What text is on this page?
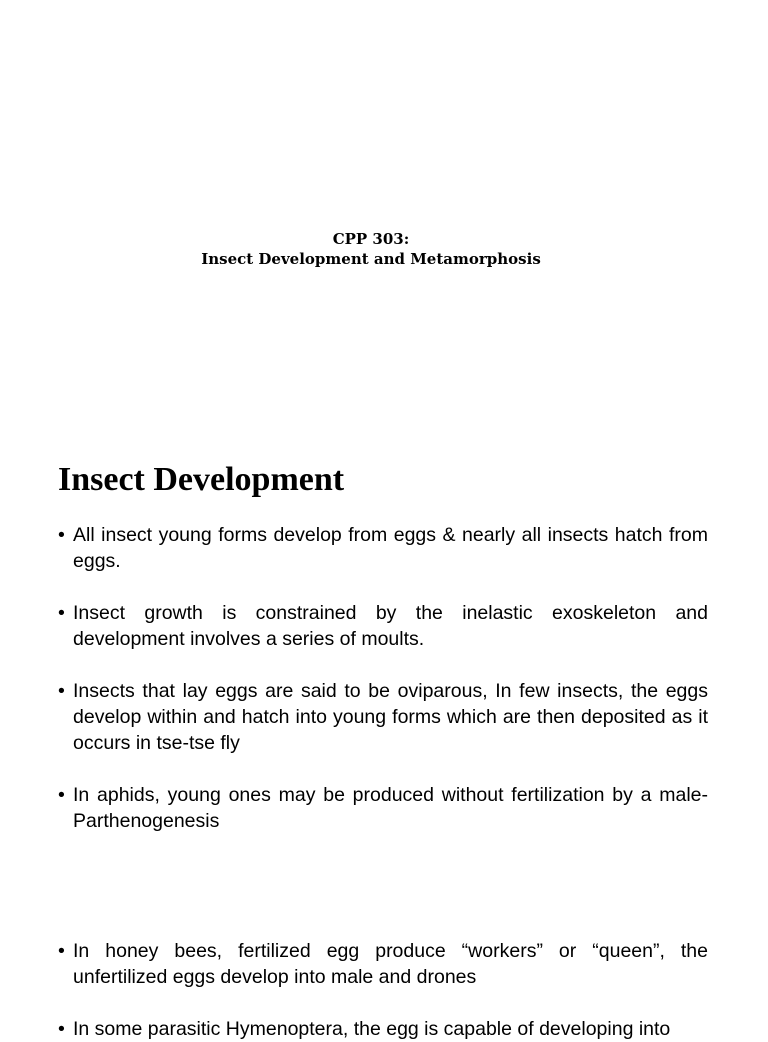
CPP 303:
Insect Development and Metamorphosis
Insect Development
• All insect young forms develop from eggs & nearly all insects hatch from eggs.
• Insect growth is constrained by the inelastic exoskeleton and development involves a series of moults.
• Insects that lay eggs are said to be oviparous, In few insects, the eggs develop within and hatch into young forms which are then deposited as it occurs in tse-tse fly
• In aphids, young ones may be produced without fertilization by a male-Parthenogenesis
• In honey bees, fertilized egg produce “workers” or “queen”, the unfertilized eggs develop into male and drones
• In some parasitic Hymenoptera, the egg is capable of developing into
